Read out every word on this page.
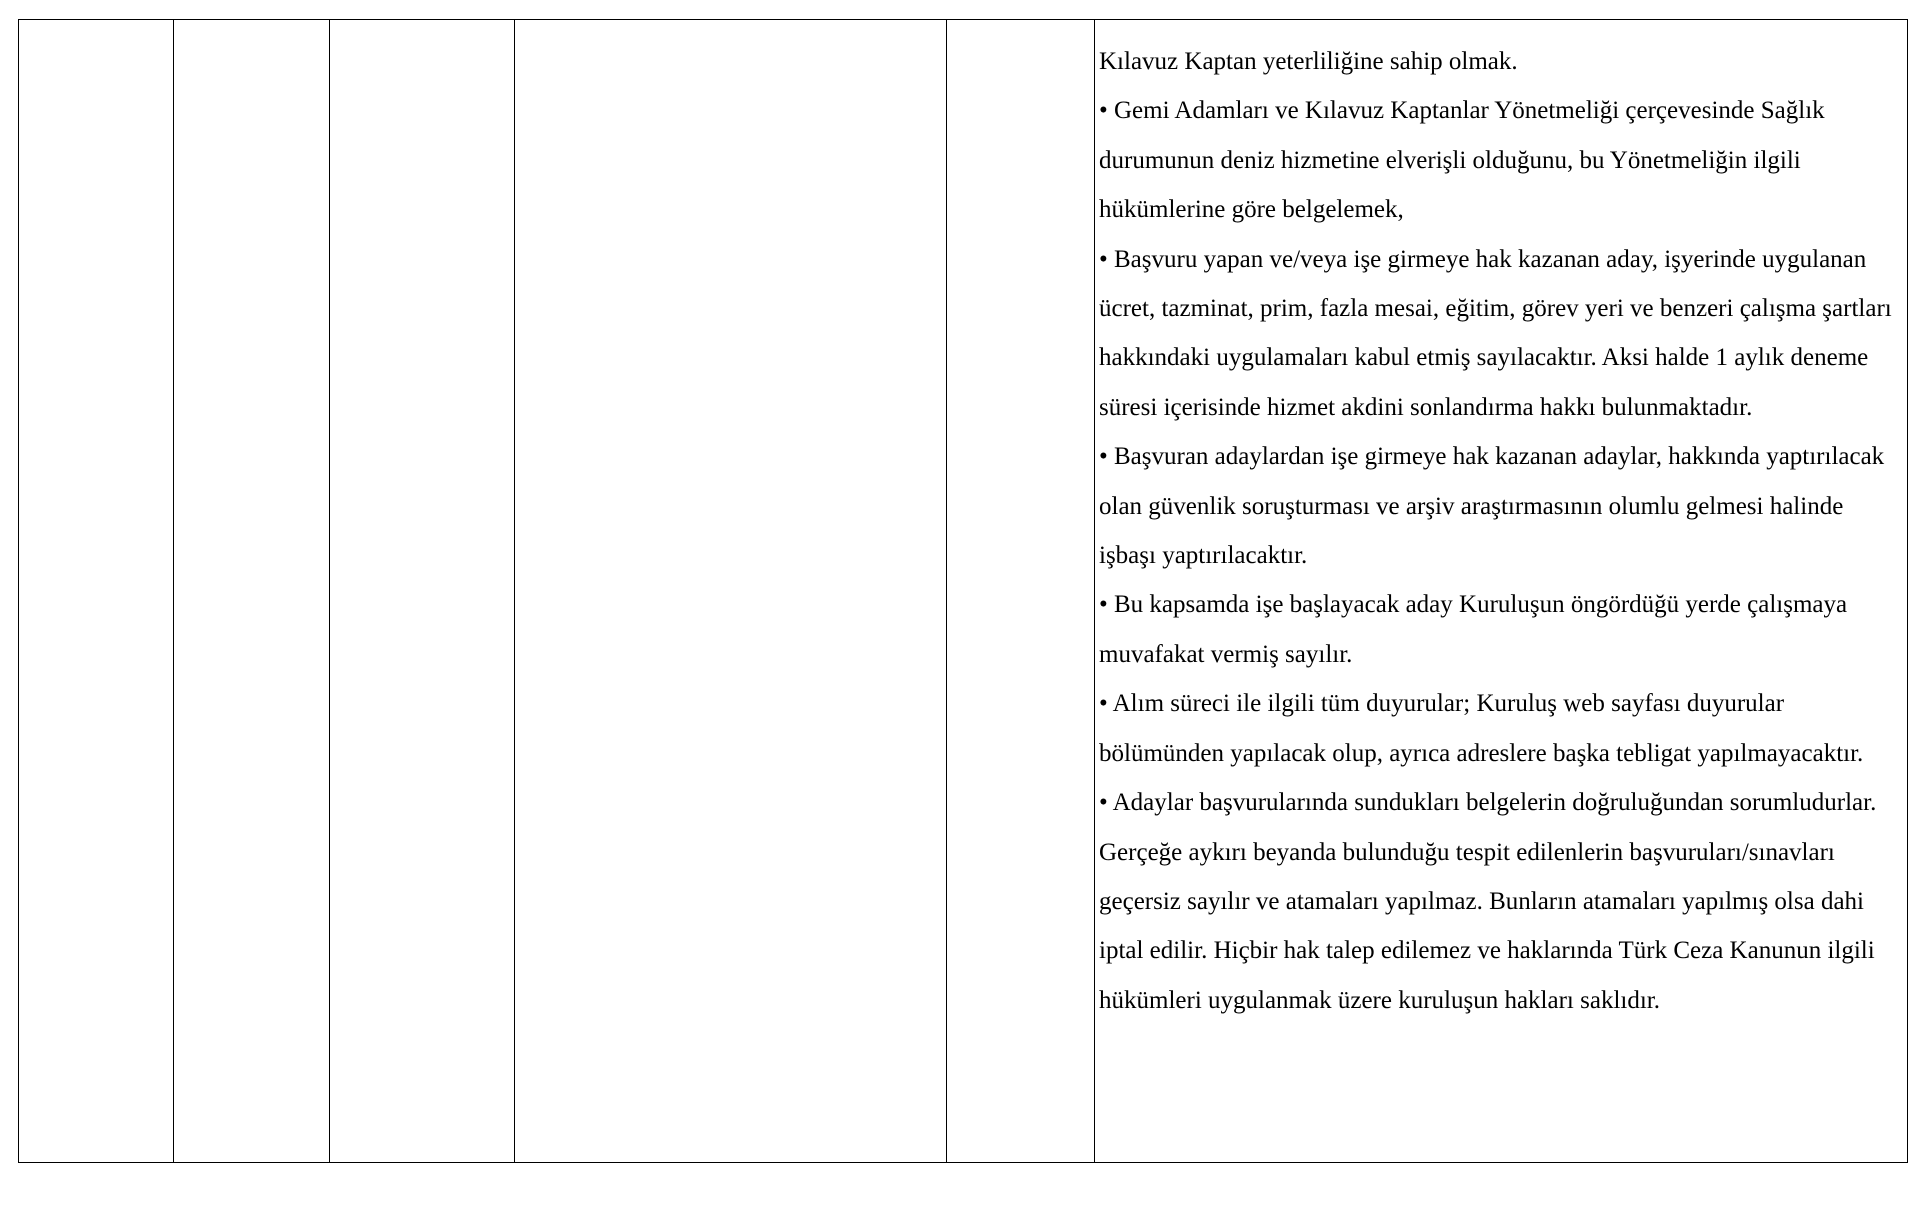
Kılavuz Kaptan yeterliliğine sahip olmak.

• Gemi Adamları ve Kılavuz Kaptanlar Yönetmeliği çerçevesinde Sağlık durumunun deniz hizmetine elverişli olduğunu, bu Yönetmeliğin ilgili hükümlerine göre belgelemek,

• Başvuru yapan ve/veya işe girmeye hak kazanan aday, işyerinde uygulanan ücret, tazminat, prim, fazla mesai, eğitim, görev yeri ve benzeri çalışma şartları hakkındaki uygulamaları kabul etmiş sayılacaktır. Aksi halde 1 aylık deneme süresi içerisinde hizmet akdini sonlandırma hakkı bulunmaktadır.

• Başvuran adaylardan işe girmeye hak kazanan adaylar, hakkında yaptırılacak olan güvenlik soruşturması ve arşiv araştırmasının olumlu gelmesi halinde işbaşı yaptırılacaktır.

• Bu kapsamda işe başlayacak aday Kuruluşun öngördüğü yerde çalışmaya muvafakat vermiş sayılır.

• Alım süreci ile ilgili tüm duyurular; Kuruluş web sayfası duyurular bölümünden yapılacak olup, ayrıca adreslere başka tebligat yapılmayacaktır.

• Adaylar başvurularında sundukları belgelerin doğruluğundan sorumludurlar. Gerçeğe aykırı beyanda bulunduğu tespit edilenlerin başvuruları/sınavları geçersiz sayılır ve atamaları yapılmaz. Bunların atamaları yapılmış olsa dahi iptal edilir. Hiçbir hak talep edilemez ve haklarında Türk Ceza Kanunun ilgili hükümleri uygulanmak üzere kuruluşun hakları saklıdır.
